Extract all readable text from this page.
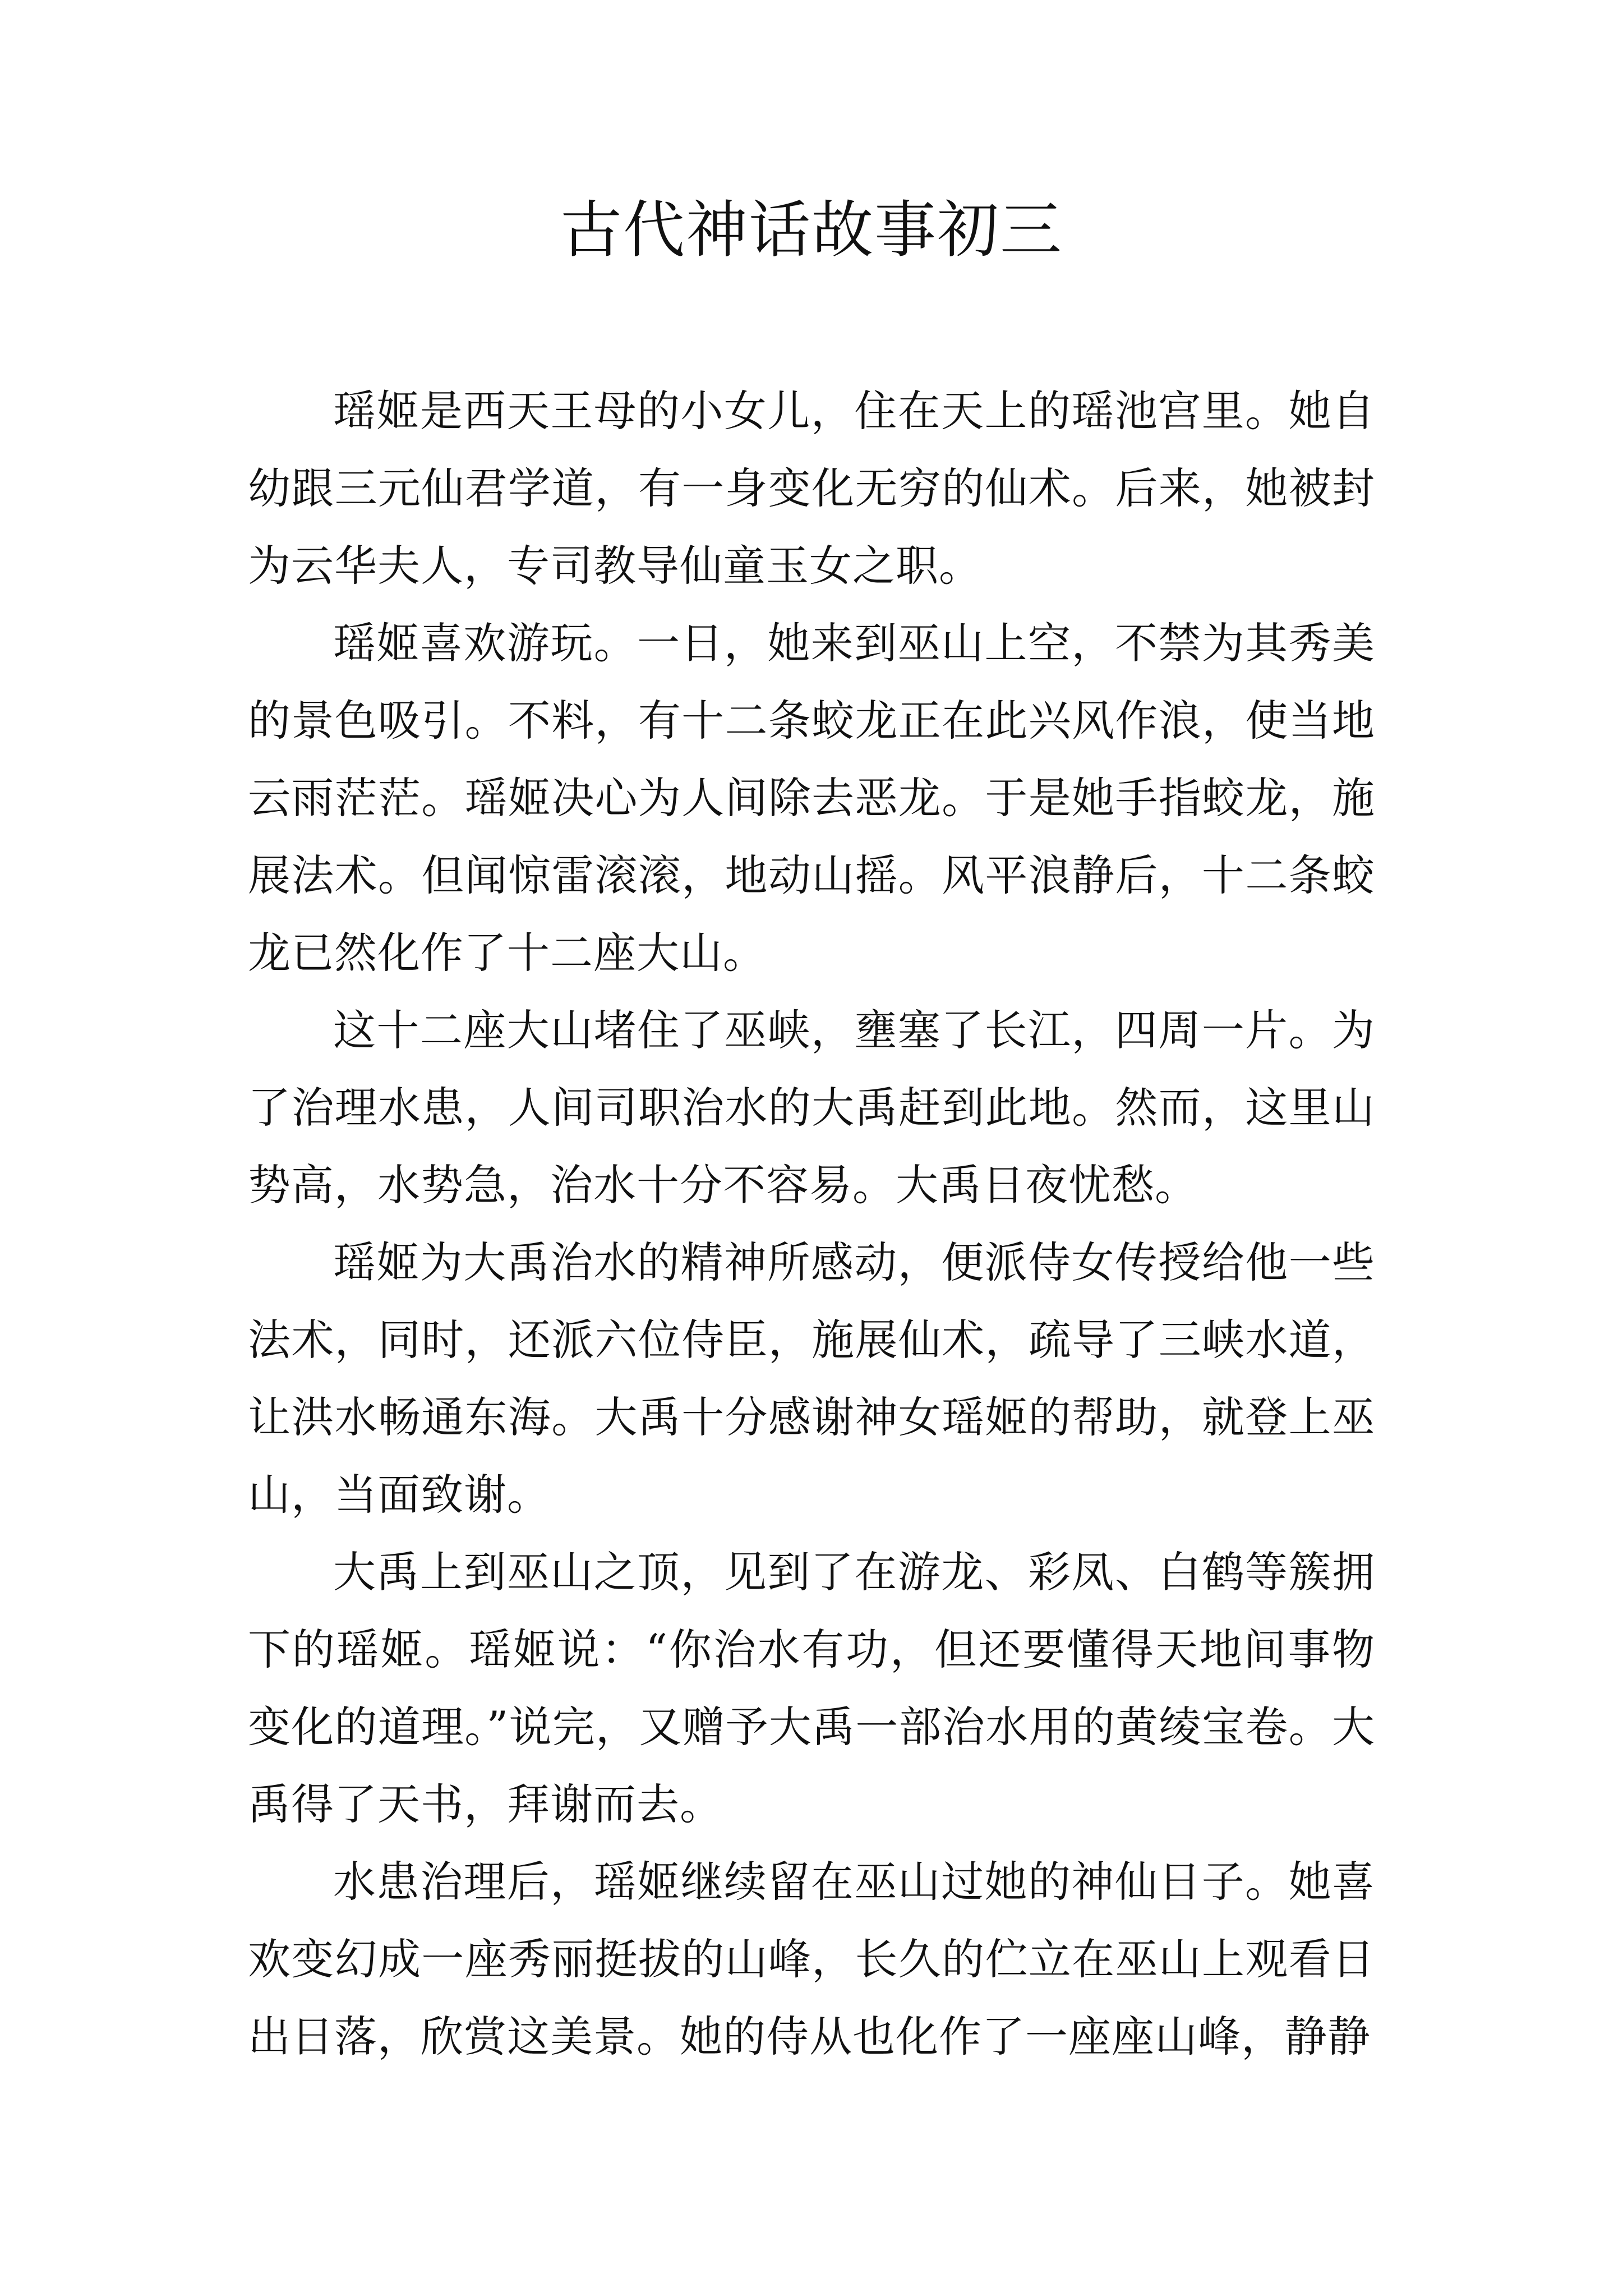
古代神话故事初三

瑶姬是西天王母的小女儿，住在天上的瑶池宫里。她自幼跟三元仙君学道，有一身变化无穷的仙术。后来，她被封为云华夫人，专司教导仙童玉女之职。

瑶姬喜欢游玩。一日，她来到巫山上空，不禁为其秀美的景色吸引。不料，有十二条蛟龙正在此兴风作浪，使当地云雨茫茫。瑶姬决心为人间除去恶龙。于是她手指蛟龙，施展法术。但闻惊雷滚滚，地动山摇。风平浪静后，十二条蛟龙已然化作了十二座大山。

这十二座大山堵住了巫峡，壅塞了长江，四周一片。为了治理水患，人间司职治水的大禹赶到此地。然而，这里山势高，水势急，治水十分不容易。大禹日夜忧愁。

瑶姬为大禹治水的精神所感动，便派侍女传授给他一些法术，同时，还派六位侍臣，施展仙术，疏导了三峡水道，让洪水畅通东海。大禹十分感谢神女瑶姬的帮助，就登上巫山，当面致谢。

大禹上到巫山之顶，见到了在游龙、彩凤、白鹤等簇拥下的瑶姬。瑶姬说：“你治水有功，但还要懂得天地间事物变化的道理。”说完，又赠予大禹一部治水用的黄绫宝卷。大禹得了天书，拜谢而去。

水患治理后，瑶姬继续留在巫山过她的神仙日子。她喜欢变幻成一座秀丽挺拔的山峰，长久的伫立在巫山上观看日出日落，欣赏这美景。她的侍从也化作了一座座山峰，静静
